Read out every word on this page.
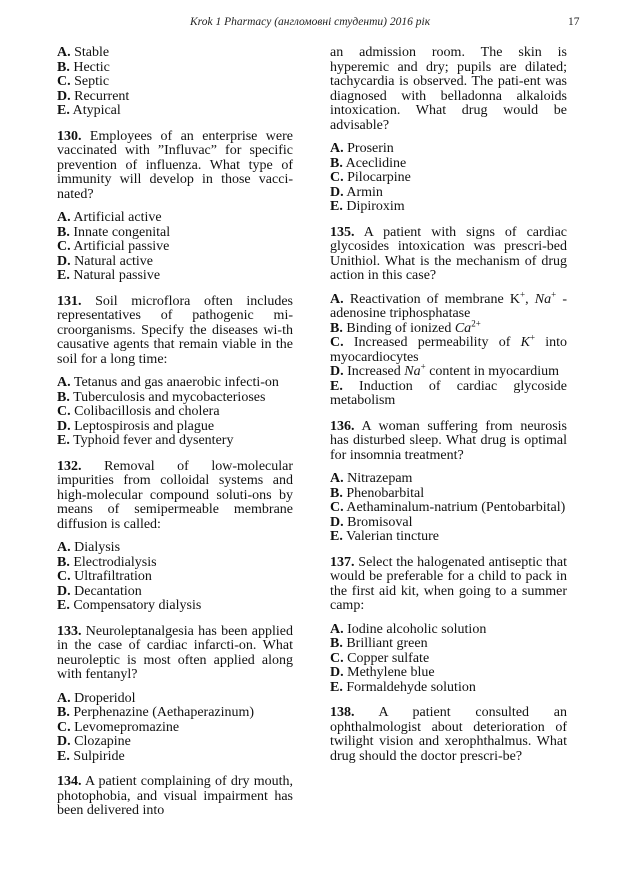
Krok 1 Pharmacy (англомовні студенти) 2016 рік	17
A. Stable
B. Hectic
C. Septic
D. Recurrent
E. Atypical

130. Employees of an enterprise were vaccinated with ”Influvac” for specific prevention of influenza. What type of immunity will develop in those vacci-nated?

A. Artificial active
B. Innate congenital
C. Artificial passive
D. Natural active
E. Natural passive

131. Soil microflora often includes representatives of pathogenic mi-croorganisms. Specify the diseases wi-th causative agents that remain viable in the soil for a long time:

A. Tetanus and gas anaerobic infecti-on
B. Tuberculosis and mycobacterioses
C. Colibacillosis and cholera
D. Leptospirosis and plague
E. Typhoid fever and dysentery

132. Removal of low-molecular impurities from colloidal systems and high-molecular compound soluti-ons by means of semipermeable membrane diffusion is called:

A. Dialysis
B. Electrodialysis
C. Ultrafiltration
D. Decantation
E. Compensatory dialysis

133. Neuroleptanalgesia has been applied in the case of cardiac infarcti-on. What neuroleptic is most often applied along with fentanyl?

A. Droperidol
B. Perphenazine (Aethaperazinum)
C. Levomepromazine
D. Clozapine
E. Sulpiride

134. A patient complaining of dry mouth, photophobia, and visual impairment has been delivered into

an admission room. The skin is hyperemic and dry; pupils are dilated; tachycardia is observed. The pati-ent was diagnosed with belladonna alkaloids intoxication. What drug would be advisable?

A. Proserin
B. Aceclidine
C. Pilocarpine
D. Armin
E. Dipiroxim

135. A patient with signs of cardiac glycosides intoxication was prescri-bed Unithiol. What is the mechanism of drug action in this case?

A. Reactivation of membrane K+, Na+ -adenosine triphosphatase
B. Binding of ionized $Ca^{2+}$
C. Increased permeability of K+ into myocardiocytes
D. Increased Na+ content in myocardium
E. Induction of cardiac glycoside metabolism

136. A woman suffering from neurosis has disturbed sleep. What drug is optimal for insomnia treatment?

A. Nitrazepam
B. Phenobarbital
C. Aethaminalum-natrium (Pentobarbital)
D. Bromisoval
E. Valerian tincture

137. Select the halogenated antiseptic that would be preferable for a child to pack in the first aid kit, when going to a summer camp:

A. Iodine alcoholic solution
B. Brilliant green
C. Copper sulfate
D. Methylene blue
E. Formaldehyde solution

138. A patient consulted an ophthalmologist about deterioration of twilight vision and xerophthalmus. What drug should the doctor prescri-be?
